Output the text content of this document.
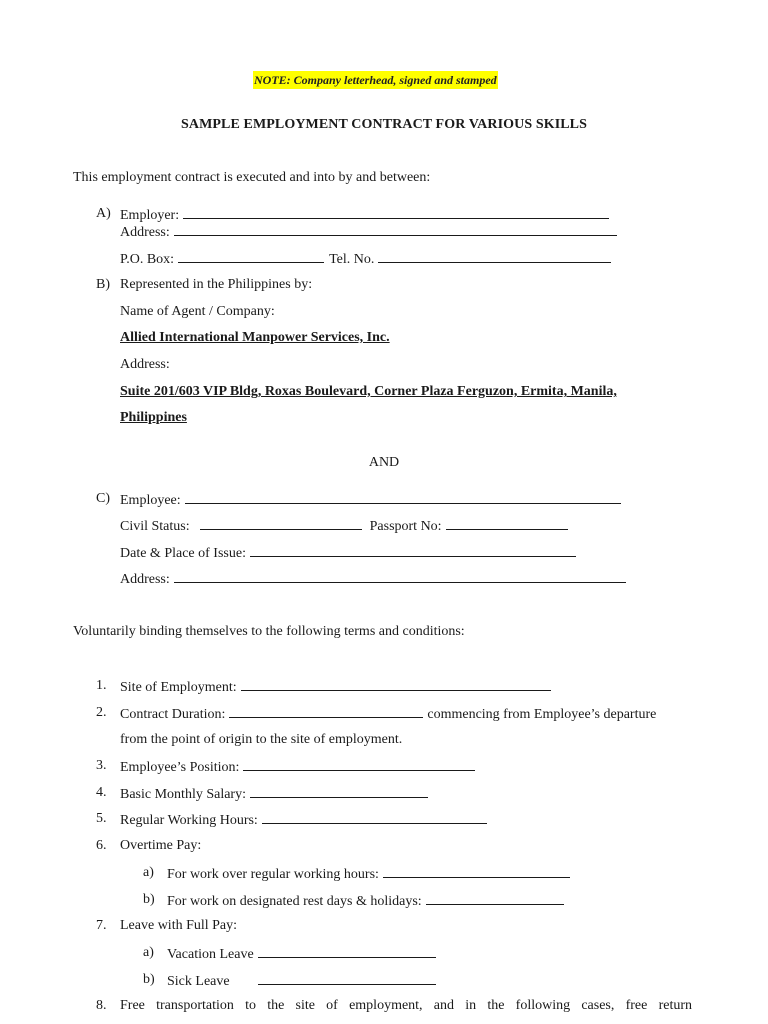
NOTE: Company letterhead, signed and stamped
SAMPLE EMPLOYMENT CONTRACT FOR VARIOUS SKILLS
This employment contract is executed and into by and between:
A) Employer:
Address:
P.O. Box:	Tel. No.
B) Represented in the Philippines by:
Name of Agent / Company:
Allied International Manpower Services, Inc.
Address:
Suite 201/603 VIP Bldg, Roxas Boulevard, Corner Plaza Ferguzon, Ermita, Manila,
Philippines
AND
C) Employee:
Civil Status:	Passport No:
Date & Place of Issue:
Address:
Voluntarily binding themselves to the following terms and conditions:
1. Site of Employment:
2. Contract Duration:	commencing from Employee’s departure
from the point of origin to the site of employment.
3. Employee’s Position:
4. Basic Monthly Salary:
5. Regular Working Hours:
6. Overtime Pay:
a) For work over regular working hours:
b) For work on designated rest days & holidays:
7. Leave with Full Pay:
a) Vacation Leave
b) Sick Leave
8. Free transportation to the site of employment, and in the following cases, free return
